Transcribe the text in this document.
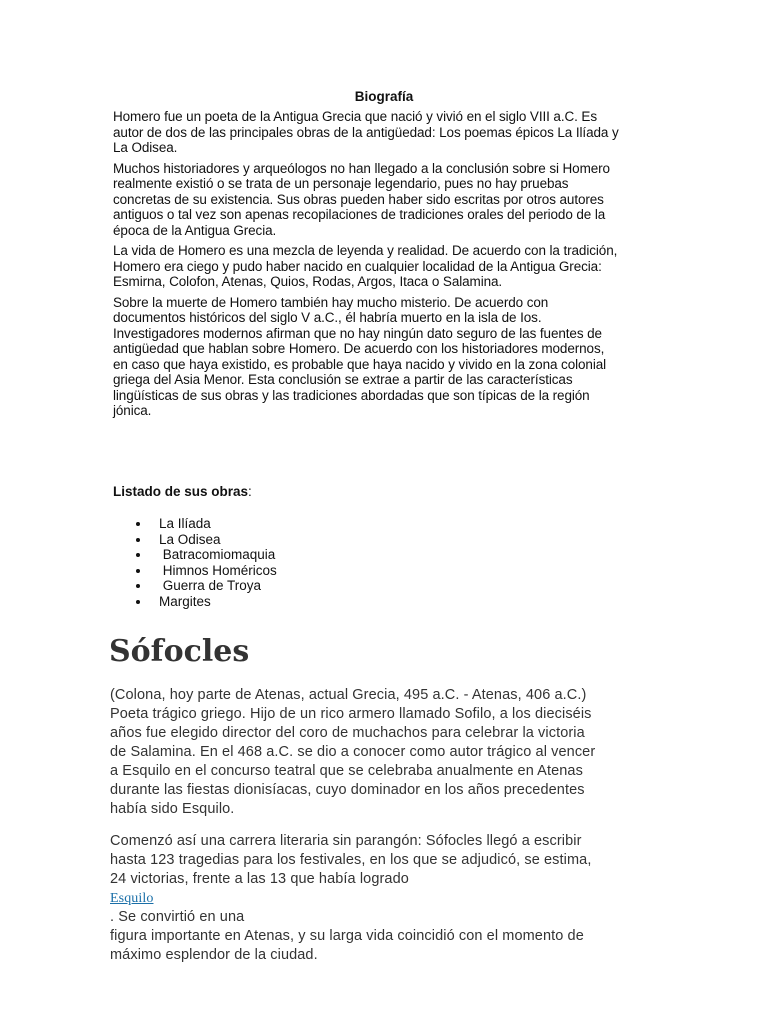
Biografía

Homero fue un poeta de la Antigua Grecia que nació y vivió en el siglo VIII a.C. Es
autor de dos de las principales obras de la antigüedad: Los poemas épicos La Ilíada y
La Odisea.

Muchos historiadores y arqueólogos no han llegado a la conclusión sobre si Homero
realmente existió o se trata de un personaje legendario, pues no hay pruebas
concretas de su existencia. Sus obras pueden haber sido escritas por otros autores
antiguos o tal vez son apenas recopilaciones de tradiciones orales del periodo de la
época de la Antigua Grecia.

La vida de Homero es una mezcla de leyenda y realidad. De acuerdo con la tradición,
Homero era ciego y pudo haber nacido en cualquier localidad de la Antigua Grecia:
Esmirna, Colofon, Atenas, Quios, Rodas, Argos, Itaca o Salamina.

Sobre la muerte de Homero también hay mucho misterio. De acuerdo con
documentos históricos del siglo V a.C., él habría muerto en la isla de Ios.
Investigadores modernos afirman que no hay ningún dato seguro de las fuentes de
antigüedad que hablan sobre Homero. De acuerdo con los historiadores modernos,
en caso que haya existido, es probable que haya nacido y vivido en la zona colonial
griega del Asia Menor. Esta conclusión se extrae a partir de las características
lingüísticas de sus obras y las tradiciones abordadas que son típicas de la región
jónica.

Listado de sus obras:
La Ilíada
La Odisea
Batracomiomaquia
Himnos Homéricos
Guerra de Troya
Margites
Sófocles

(Colona, hoy parte de Atenas, actual Grecia, 495 a.C. - Atenas, 406 a.C.)
Poeta trágico griego. Hijo de un rico armero llamado Sofilo, a los dieciséis
años fue elegido director del coro de muchachos para celebrar la victoria
de Salamina. En el 468 a.C. se dio a conocer como autor trágico al vencer
a Esquilo en el concurso teatral que se celebraba anualmente en Atenas
durante las fiestas dionisíacas, cuyo dominador en los años precedentes
había sido Esquilo.

Comenzó así una carrera literaria sin parangón: Sófocles llegó a escribir
hasta 123 tragedias para los festivales, en los que se adjudicó, se estima,
24 victorias, frente a las 13 que había logrado
Esquilo
. Se convirtió en una
figura importante en Atenas, y su larga vida coincidió con el momento de
máximo esplendor de la ciudad.
